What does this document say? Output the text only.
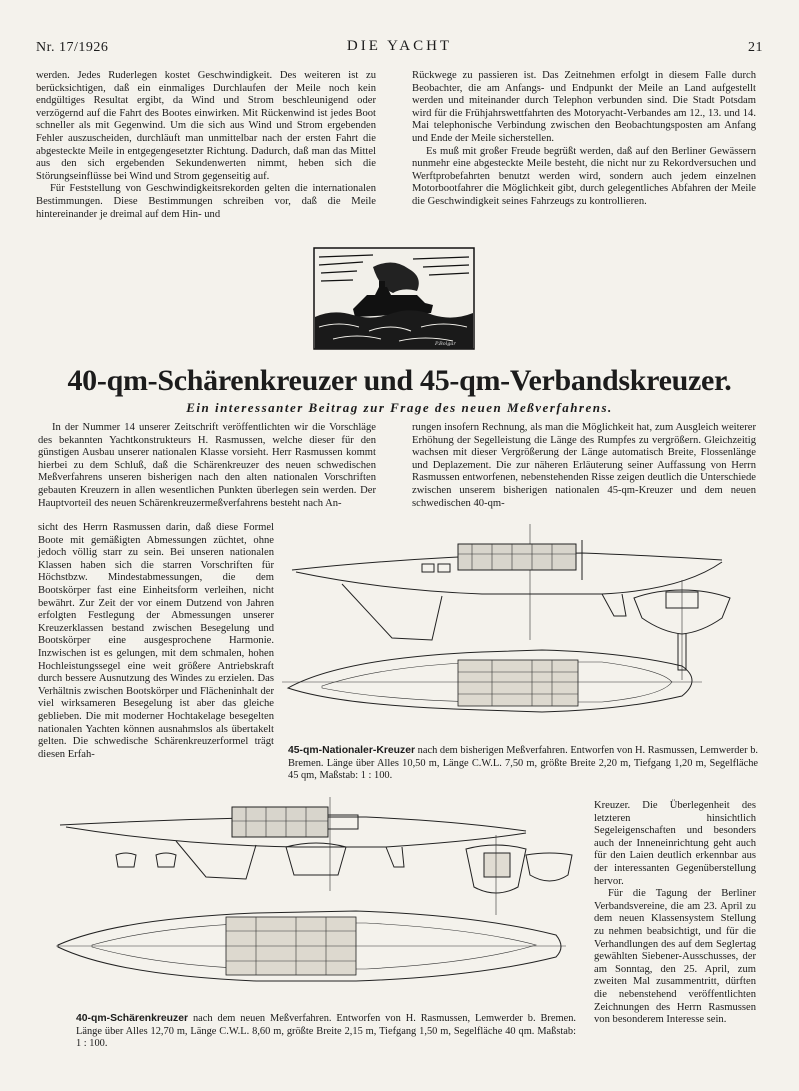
Nr. 17/1926	DIE YACHT	21

werden. Jedes Ruderlegen kostet Geschwindigkeit. Des weiteren ist zu berücksichtigen, daß ein einmaliges Durchlaufen der Meile noch kein endgültiges Resultat ergibt, da Wind und Strom beschleunigend oder verzögernd auf die Fahrt des Bootes einwirken. Mit Rückenwind ist jedes Boot schneller als mit Gegenwind. Um die sich aus Wind und Strom ergebenden Fehler auszuscheiden, durchläuft man unmittelbar nach der ersten Fahrt die abgesteckte Meile in entgegengesetzter Richtung. Dadurch, daß man das Mittel aus den sich ergebenden Sekundenwerten nimmt, heben sich die Störungseinflüsse bei Wind und Strom gegenseitig auf.

Für Feststellung von Geschwindigkeitsrekorden gelten die internationalen Bestimmungen. Diese Bestimmungen schreiben vor, daß die Meile hintereinander je dreimal auf dem Hin- und

Rückwege zu passieren ist. Das Zeitnehmen erfolgt in diesem Falle durch Beobachter, die am Anfangs- und Endpunkt der Meile an Land aufgestellt werden und miteinander durch Telephon verbunden sind. Die Stadt Potsdam wird für die Frühjahrswettfahrten des Motoryacht-Verbandes am 12., 13. und 14. Mai telephonische Verbindung zwischen den Beobachtungsposten am Anfang und Ende der Meile sicherstellen.

Es muß mit großer Freude begrüßt werden, daß auf den Berliner Gewässern nunmehr eine abgesteckte Meile besteht, die nicht nur zu Rekordversuchen und Werftprobefahrten benutzt werden wird, sondern auch jedem einzelnen Motorbootfahrer die Möglichkeit gibt, durch gelegentliches Abfahren der Meile die Geschwindigkeit seines Fahrzeugs zu kontrollieren.

P.Bolgar
40-qm-Schärenkreuzer und 45-qm-Verbandskreuzer.
Ein interessanter Beitrag zur Frage des neuen Meßverfahrens.

In der Nummer 14 unserer Zeitschrift veröffentlichten wir die Vorschläge des bekannten Yachtkonstrukteurs H. Rasmussen, welche dieser für den günstigen Ausbau unserer nationalen Klasse vorsieht. Herr Rasmussen kommt hierbei zu dem Schluß, daß die Schärenkreuzer des neuen schwedischen Meßverfahrens unseren bisherigen nach den alten nationalen Vorschriften gebauten Kreuzern in allen wesentlichen Punkten überlegen sein werden. Der Hauptvorteil des neuen Schärenkreuzermeßverfahrens besteht nach An-

sicht des Herrn Rasmussen darin, daß diese Formel Boote mit gemäßigten Abmessungen züchtet, ohne jedoch völlig starr zu sein. Bei unseren nationalen Klassen haben sich die starren Vorschriften für Höchstbzw. Mindestabmessungen, die dem Bootskörper fast eine Einheitsform verleihen, nicht bewährt. Zur Zeit der vor einem Dutzend von Jahren erfolgten Festlegung der Abmessungen unserer Kreuzerklassen bestand zwischen Besegelung und Bootskörper eine ausgesprochene Harmonie. Inzwischen ist es gelungen, mit dem schmalen, hohen Hochleistungssegel eine weit größere Antriebskraft durch bessere Ausnutzung des Windes zu erzielen. Das Verhältnis zwischen Bootskörper und Flächeninhalt der viel wirksameren Besegelung ist aber das gleiche geblieben. Die mit moderner Hochtakelage besegelten nationalen Yachten können ausnahmslos als übertakelt gelten. Die schwedische Schärenkreuzerformel trägt diesen Erfah-

rungen insofern Rechnung, als man die Möglichkeit hat, zum Ausgleich weiterer Erhöhung der Segelleistung die Länge des Rumpfes zu vergrößern. Gleichzeitig wachsen mit dieser Vergrößerung der Länge automatisch Breite, Flossenlänge und Deplazement. Die zur näheren Erläuterung seiner Auffassung von Herrn Rasmussen entworfenen, nebenstehenden Risse zeigen deutlich die Unterschiede zwischen unserem bisherigen nationalen 45-qm-Kreuzer und dem neuen schwedischen 40-qm-

45-qm-Nationaler-Kreuzer nach dem bisherigen Meßverfahren. Entworfen von H. Rasmussen, Lemwerder b. Bremen. Länge über Alles 10,50 m, Länge C.W.L. 7,50 m, größte Breite 2,20 m, Tiefgang 1,20 m, Segelfläche 45 qm, Maßstab: 1 : 100.

Kreuzer. Die Überlegenheit des letzteren hinsichtlich Segeleigenschaften und besonders auch der Inneneinrichtung geht auch für den Laien deutlich erkennbar aus der interessanten Gegenüberstellung hervor.

Für die Tagung der Berliner Verbandsvereine, die am 23. April zu dem neuen Klassensystem Stellung zu nehmen beabsichtigt, und für die Verhandlungen des auf dem Seglertag gewählten Siebener-Ausschusses, der am Sonntag, den 25. April, zum zweiten Mal zusammentritt, dürften die nebenstehend veröffentlichten Zeichnungen des Herrn Rasmussen von besonderem Interesse sein.

40-qm-Schärenkreuzer nach dem neuen Meßverfahren. Entworfen von H. Rasmussen, Lemwerder b. Bremen. Länge über Alles 12,70 m, Länge C.W.L. 8,60 m, größte Breite 2,15 m, Tiefgang 1,50 m, Segelfläche 40 qm. Maßstab: 1 : 100.
